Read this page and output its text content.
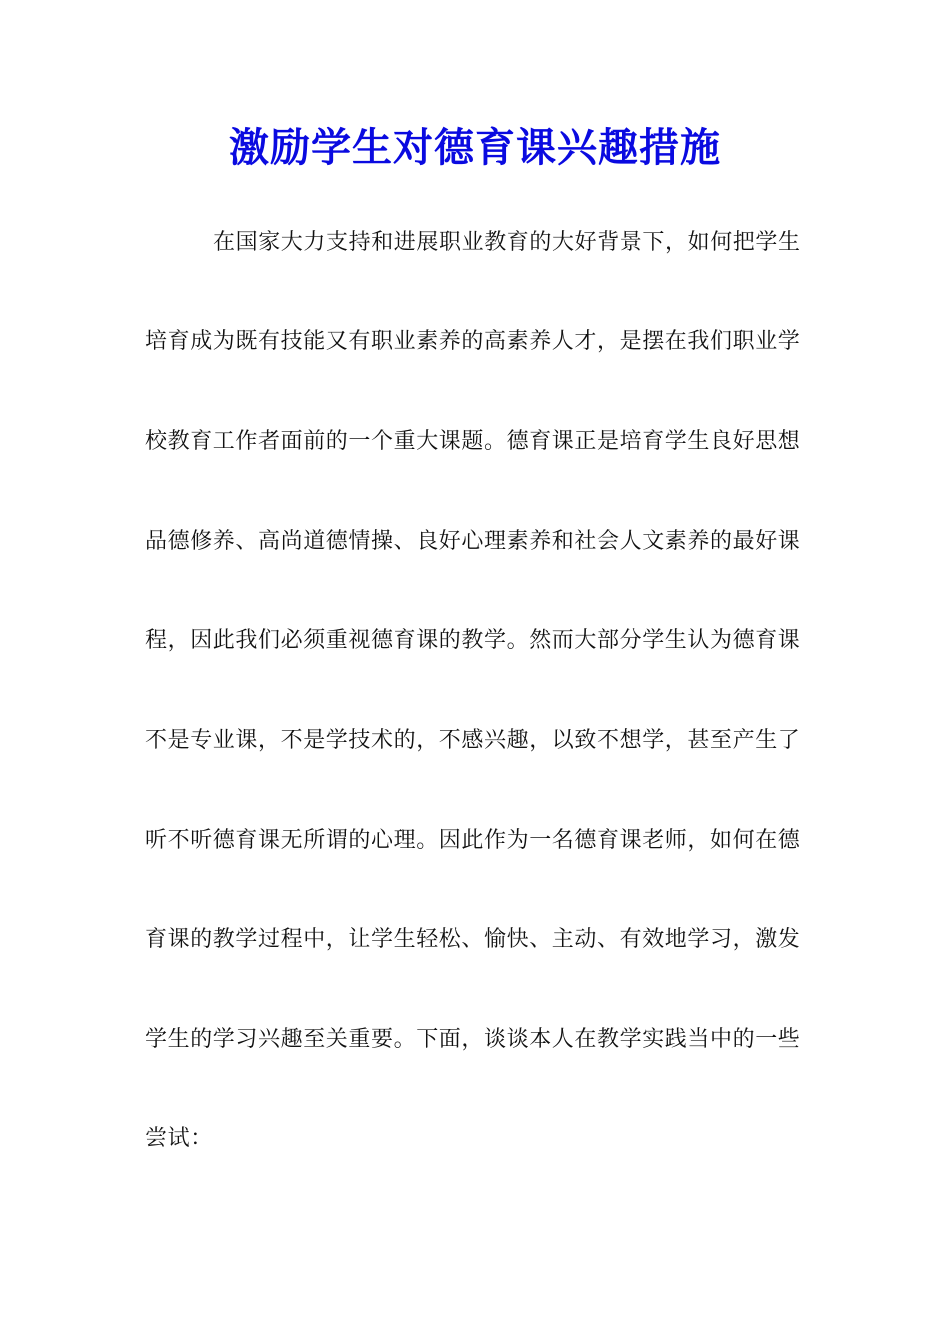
激励学生对德育课兴趣措施
在国家大力支持和进展职业教育的大好背景下，如何把学生
培育成为既有技能又有职业素养的高素养人才，是摆在我们职业学
校教育工作者面前的一个重大课题。德育课正是培育学生良好思想
品德修养、高尚道德情操、良好心理素养和社会人文素养的最好课
程，因此我们必须重视德育课的教学。然而大部分学生认为德育课
不是专业课，不是学技术的，不感兴趣，以致不想学，甚至产生了
听不听德育课无所谓的心理。因此作为一名德育课老师，如何在德
育课的教学过程中，让学生轻松、愉快、主动、有效地学习，激发
学生的学习兴趣至关重要。下面，谈谈本人在教学实践当中的一些
尝试：
